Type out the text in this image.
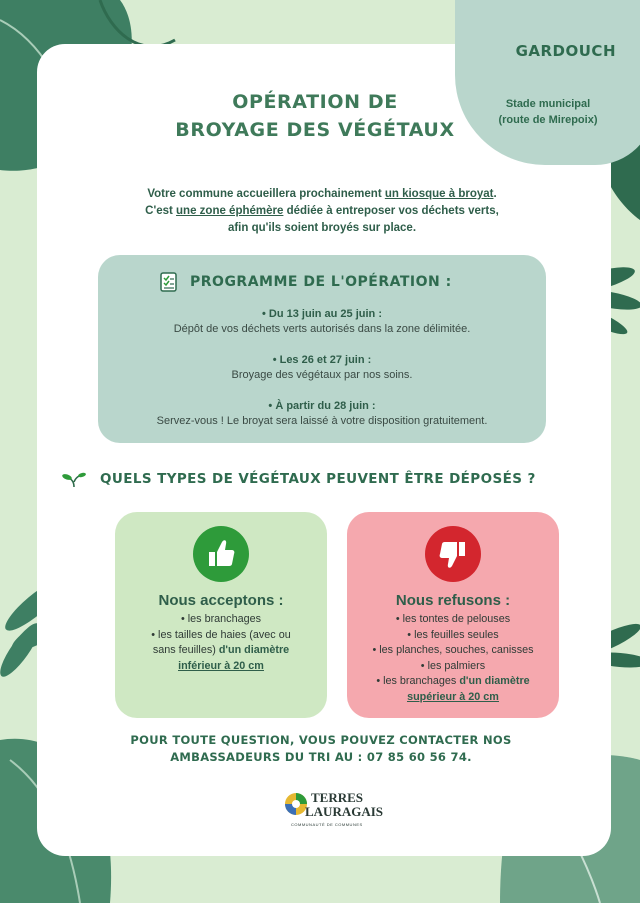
GARDOUCH
Stade municipal
(route de Mirepoix)
OPÉRATION DE
BROYAGE DES VÉGÉTAUX
Votre commune accueillera prochainement un kiosque à broyat.
C'est une zone éphémère dédiée à entreposer vos déchets verts,
afin qu'ils soient broyés sur place.
PROGRAMME DE L'OPÉRATION :
• Du 13 juin au 25 juin :
Dépôt de vos déchets verts autorisés dans la zone délimitée.
• Les 26 et 27 juin :
Broyage des végétaux par nos soins.
• À partir du 28 juin :
Servez-vous ! Le broyat sera laissé à votre disposition gratuitement.
QUELS TYPES DE VÉGÉTAUX PEUVENT ÊTRE DÉPOSÉS ?
Nous acceptons :
• les branchages
• les tailles de haies (avec ou
sans feuilles) d'un diamètre
inférieur à 20 cm
Nous refusons :
• les tontes de pelouses
• les feuilles seules
• les planches, souches, canisses
• les palmiers
• les branchages d'un diamètre
supérieur à 20 cm
POUR TOUTE QUESTION, VOUS POUVEZ CONTACTER NOS
AMBASSADEURS DU TRI AU : 07 85 60 56 74.
TERRES
LAURAGAIS
COMMUNAUTÉ DE COMMUNES
